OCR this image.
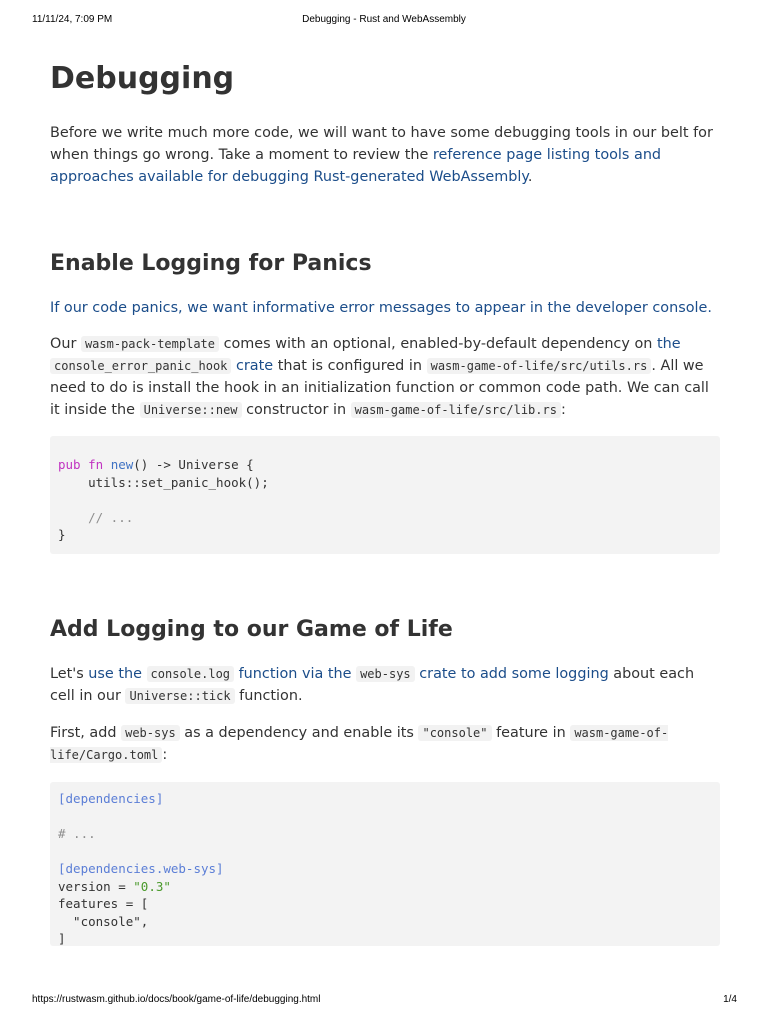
11/11/24, 7:09 PM	Debugging - Rust and WebAssembly
Debugging

Before we write much more code, we will want to have some debugging tools in our belt for when things go wrong. Take a moment to review the reference page listing tools and approaches available for debugging Rust-generated WebAssembly.

Enable Logging for Panics

If our code panics, we want informative error messages to appear in the developer console.

Our wasm-pack-template comes with an optional, enabled-by-default dependency on the console_error_panic_hook crate that is configured in wasm-game-of-life/src/utils.rs . All we need to do is install the hook in an initialization function or common code path. We can call it inside the Universe::new constructor in wasm-game-of-life/src/lib.rs :

pub fn new() -> Universe {
utils::set_panic_hook();

// ...
}
Add Logging to our Game of Life

Let's use the console.log function via the web-sys crate to add some logging about each cell in our Universe::tick function.

First, add web-sys as a dependency and enable its "console" feature in wasm-game-of-life/Cargo.toml :

[dependencies]

# ...

[dependencies.web-sys]
version = "0.3"
features = [
"console",
]
https://rustwasm.github.io/docs/book/game-of-life/debugging.html	1/4
